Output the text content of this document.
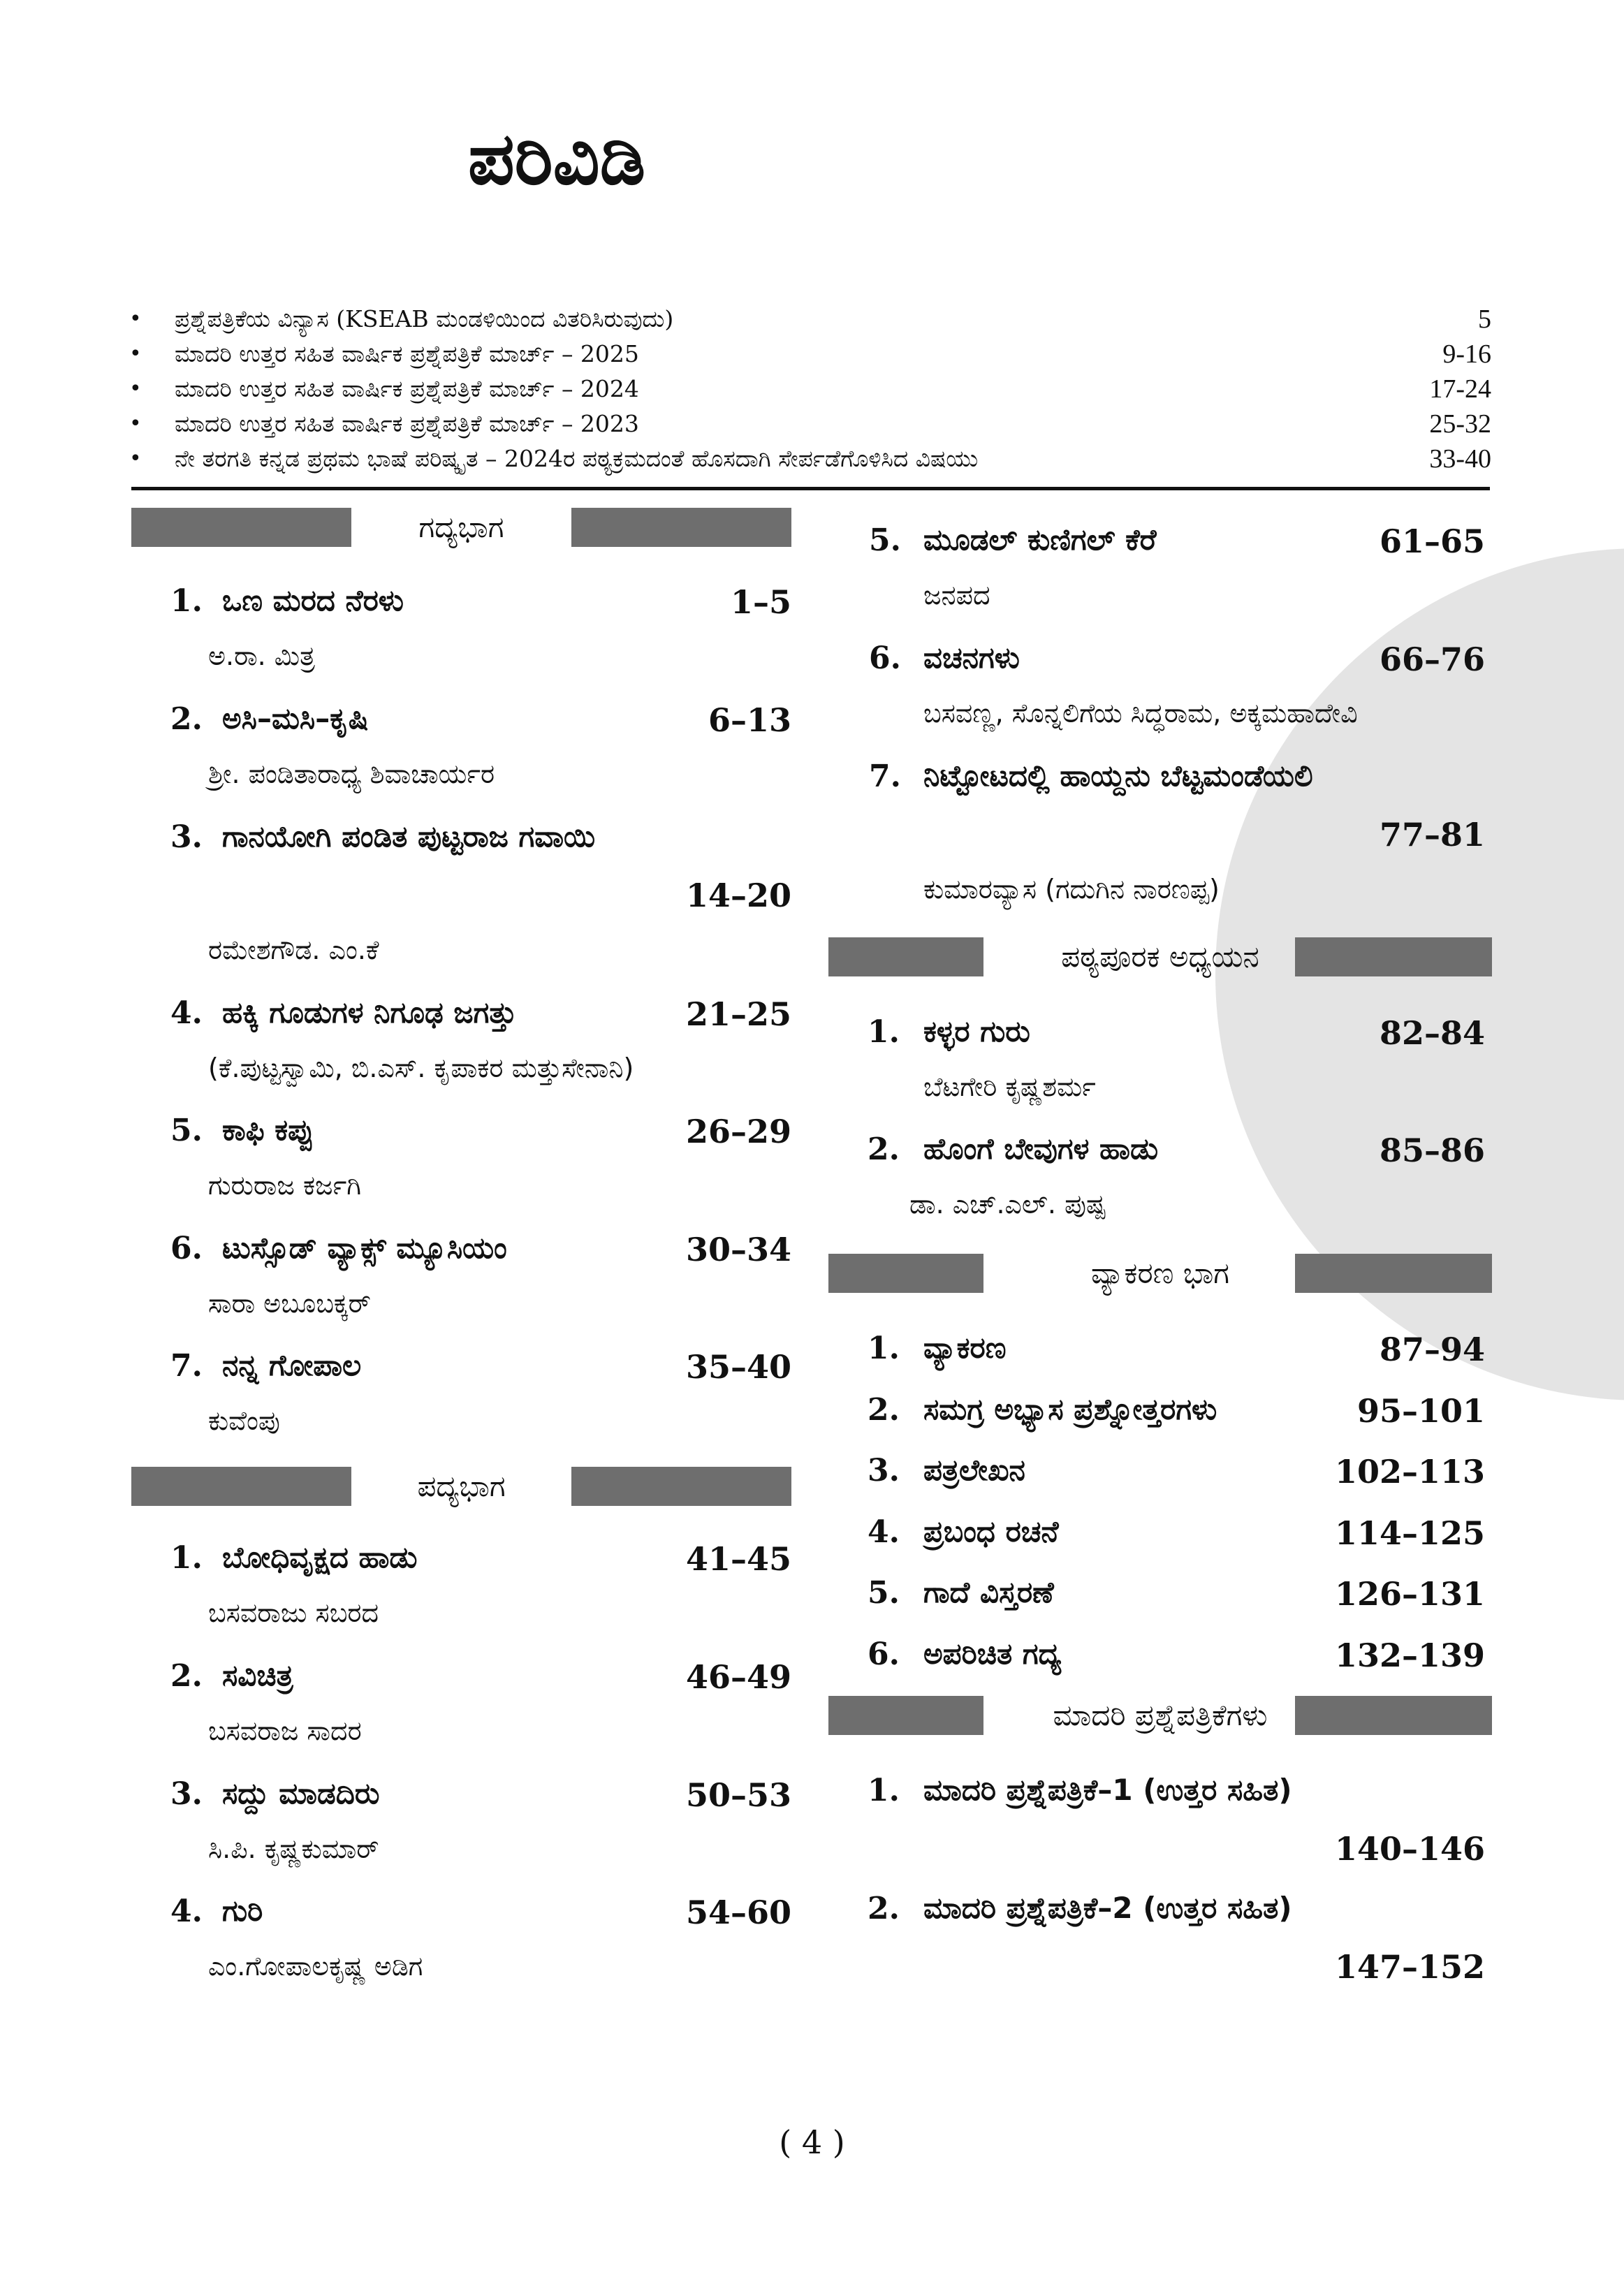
ಪರಿವಿಡಿ
• ಪ್ರಶ್ನೆಪತ್ರಿಕೆಯ ವಿನ್ಯಾಸ (KSEAB ಮಂಡಳಿಯಿಂದ ವಿತರಿಸಿರುವುದು)	5
• ಮಾದರಿ ಉತ್ತರ ಸಹಿತ ವಾರ್ಷಿಕ ಪ್ರಶ್ನೆಪತ್ರಿಕೆ ಮಾರ್ಚ್ – 2025	9-16
• ಮಾದರಿ ಉತ್ತರ ಸಹಿತ ವಾರ್ಷಿಕ ಪ್ರಶ್ನೆಪತ್ರಿಕೆ ಮಾರ್ಚ್ – 2024	17-24
• ಮಾದರಿ ಉತ್ತರ ಸಹಿತ ವಾರ್ಷಿಕ ಪ್ರಶ್ನೆಪತ್ರಿಕೆ ಮಾರ್ಚ್ – 2023	25-32
• ನೇ ತರಗತಿ ಕನ್ನಡ ಪ್ರಥಮ ಭಾಷೆ ಪರಿಷ್ಕೃತ – 2024ರ ಪಠ್ಯಕ್ರಮದಂತೆ ಹೊಸದಾಗಿ ಸೇರ್ಪಡೆಗೊಳಿಸಿದ ವಿಷಯು	33-40
ಗದ್ಯಭಾಗ
1. ಒಣ ಮರದ ನೆರಳು	1–5
ಅ.ರಾ. ಮಿತ್ರ
2. ಅಸಿ–ಮಸಿ–ಕೃಷಿ	6–13
ಶ್ರೀ. ಪಂಡಿತಾರಾಧ್ಯ ಶಿವಾಚಾರ್ಯರ
3. ಗಾನಯೋಗಿ ಪಂಡಿತ ಪುಟ್ಟರಾಜ ಗವಾಯಿ
14–20
ರಮೇಶಗೌಡ. ಎಂ.ಕೆ
4. ಹಕ್ಕಿ ಗೂಡುಗಳ ನಿಗೂಢ ಜಗತ್ತು	21–25
(ಕೆ.ಪುಟ್ಟಸ್ವಾಮಿ, ಬಿ.ಎಸ್. ಕೃಪಾಕರ ಮತ್ತುಸೇನಾನಿ)
5. ಕಾಫಿ ಕಪ್ಪು	26–29
ಗುರುರಾಜ ಕರ್ಜಗಿ
6. ಟುಸ್ಸೊಡ್ ವ್ಯಾಕ್ಸ್ ಮ್ಯೂಸಿಯಂ	30–34
ಸಾರಾ ಅಬೂಬಕ್ಕರ್
7. ನನ್ನ ಗೋಪಾಲ	35–40
ಕುವೆಂಪು
ಪದ್ಯಭಾಗ
1. ಬೋಧಿವೃಕ್ಷದ ಹಾಡು	41–45
ಬಸವರಾಜು ಸಬರದ
2. ಸವಿಚಿತ್ರ	46–49
ಬಸವರಾಜ ಸಾದರ
3. ಸದ್ದು ಮಾಡದಿರು	50–53
ಸಿ.ಪಿ. ಕೃಷ್ಣಕುಮಾರ್
4. ಗುರಿ	54–60
ಎಂ.ಗೋಪಾಲಕೃಷ್ಣ ಅಡಿಗ
5. ಮೂಡಲ್ ಕುಣಿಗಲ್ ಕೆರೆ	61–65
ಜನಪದ
6. ವಚನಗಳು	66–76
ಬಸವಣ್ಣ, ಸೊನ್ನಲಿಗೆಯ ಸಿದ್ಧರಾಮ, ಅಕ್ಕಮಹಾದೇವಿ
7. ನಿಟ್ಟೋಟದಲ್ಲಿ ಹಾಯ್ದನು ಬೆಟ್ಟಮಂಡೆಯಲಿ
77–81
ಕುಮಾರವ್ಯಾಸ (ಗದುಗಿನ ನಾರಣಪ್ಪ)
ಪಠ್ಯಪೂರಕ ಅಧ್ಯಯನ
1. ಕಳ್ಳರ ಗುರು	82–84
ಬೆಟಗೇರಿ ಕೃಷ್ಣಶರ್ಮ
2. ಹೊಂಗೆ ಬೇವುಗಳ ಹಾಡು	85–86
ಡಾ. ಎಚ್.ಎಲ್. ಪುಷ್ಪ
ವ್ಯಾಕರಣ ಭಾಗ
1. ವ್ಯಾಕರಣ	87–94
2. ಸಮಗ್ರ ಅಭ್ಯಾಸ ಪ್ರಶ್ನೋತ್ತರಗಳು	95–101
3. ಪತ್ರಲೇಖನ	102–113
4. ಪ್ರಬಂಧ ರಚನೆ	114–125
5. ಗಾದೆ ವಿಸ್ತರಣೆ	126–131
6. ಅಪರಿಚಿತ ಗದ್ಯ	132–139
ಮಾದರಿ ಪ್ರಶ್ನೆಪತ್ರಿಕೆಗಳು
1. ಮಾದರಿ ಪ್ರಶ್ನೆಪತ್ರಿಕೆ–1 (ಉತ್ತರ ಸಹಿತ)
140–146
2. ಮಾದರಿ ಪ್ರಶ್ನೆಪತ್ರಿಕೆ–2 (ಉತ್ತರ ಸಹಿತ)
147–152
( 4 )
